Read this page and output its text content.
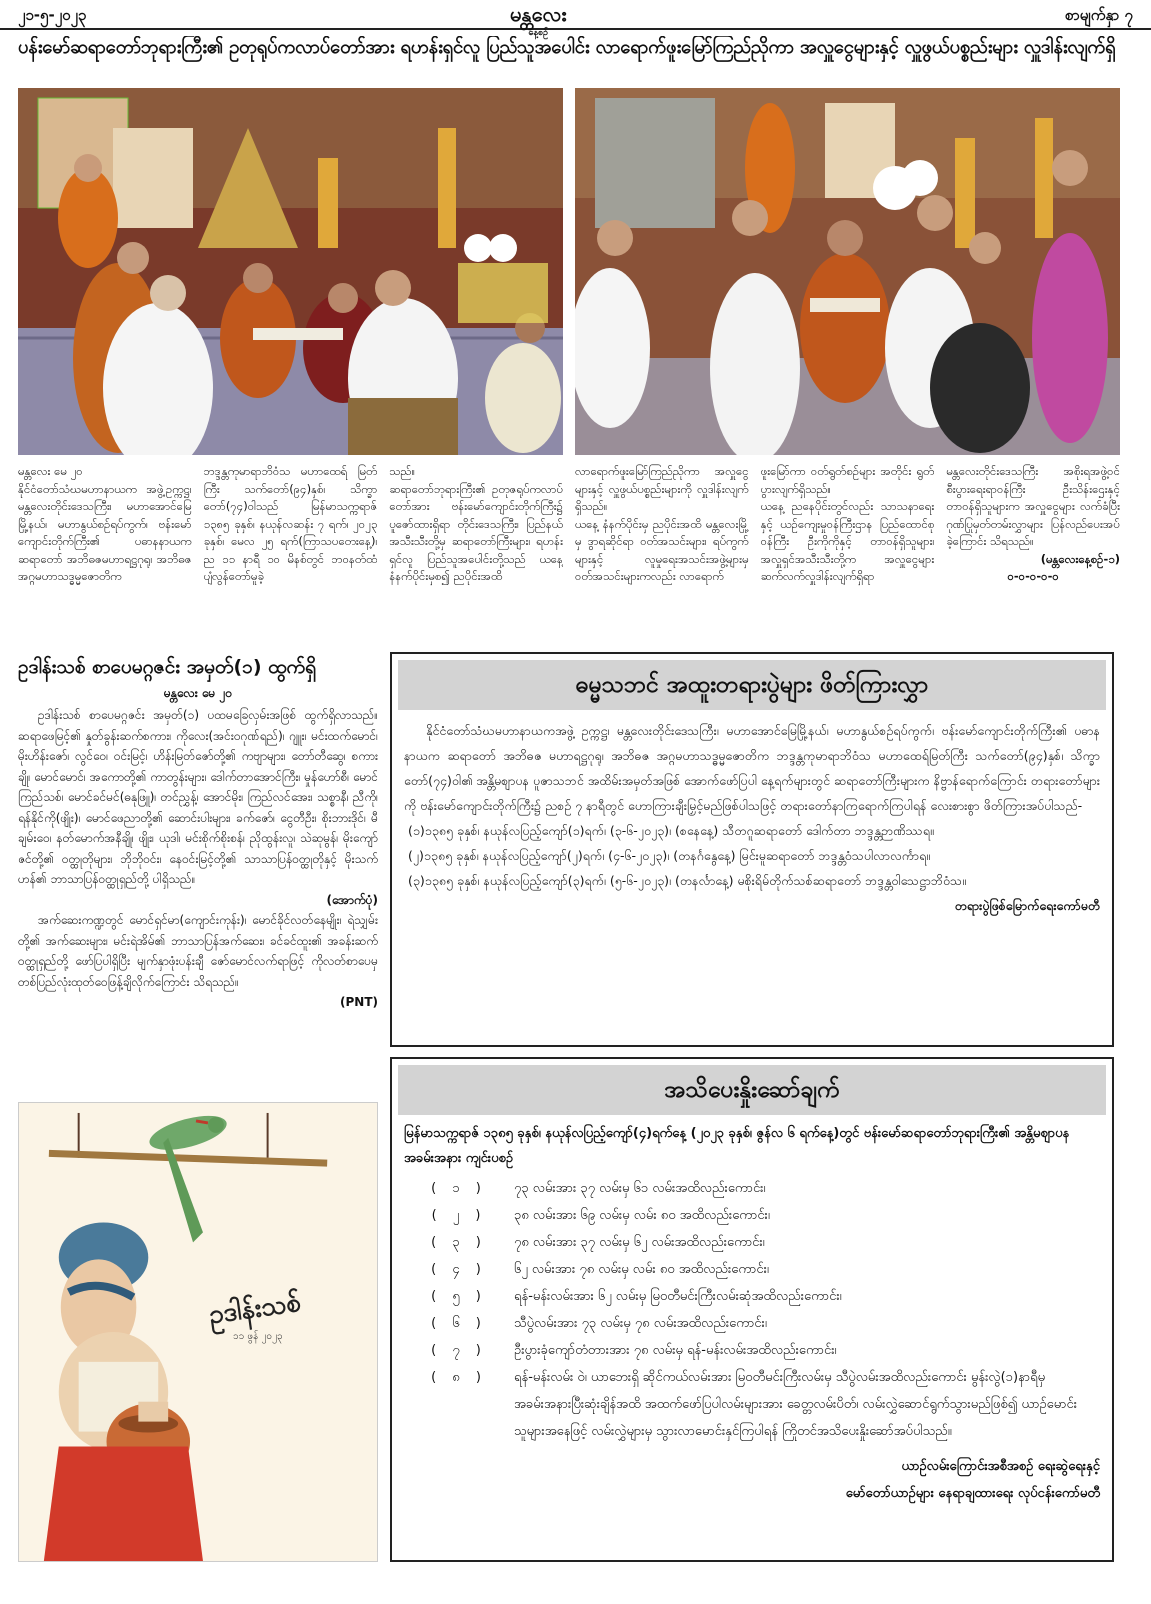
၂၁-၅-၂၀၂၃	မန္တလေး
နေ့စဉ်
စာမျက်နှာ ၇
ပန်းမော်ဆရာတော်ဘုရားကြီး၏ ဥတုရုပ်ကလာပ်တော်အား ရဟန်းရှင်လူ ပြည်သူအပေါင်း လာရောက်ဖူးမြော်ကြည်ညိုကာ အလှူငွေများနှင့် လှူဖွယ်ပစ္စည်းများ လှူဒါန်းလျက်ရှိ
မန္တလေး မေ ၂၀
နိုင်ငံတော်သံဃမဟာနာယက အဖွဲ့ဥက္ကဋ္ဌ၊ မန္တလေးတိုင်းဒေသကြီး၊ မဟာအောင်မြေမြို့နယ်၊ မဟာနွယ်စဉ်ရပ်ကွက်၊ ဗန်းမော်ကျောင်းတိုက်ကြီး၏ ပဓာနနာယက ဆရာတော် အဘိဓဇမဟာရဋ္ဌဂုရု၊ အဘိဓဇအဂ္ဂမဟာသဒ္ဓမ္မဇောတိက
ဘဒ္ဒန္တကုမာရာဘိဝံသ မဟာထေရ် မြတ်ကြီး သက်တော်(၉၄)နှစ်၊ သိက္ခာတော်(၇၄)ဝါသည် မြန်မာသက္ကရာဇ် ၁၃၈၅ ခုနှစ်၊ နယုန်လဆန်း ၇ ရက်၊ ၂၀၂၃ ခုနှစ်၊ မေလ ၂၅ ရက်(ကြာသပတေးနေ့)၊ ည ၁၁ နာရီ ၁၀ မိနစ်တွင် ဘဝနတ်ထံ ပျံလွန်တော်မူခဲ့
သည်။
ဆရာတော်ဘုရားကြီး၏ ဥတုဇရုပ်ကလာပ်တော်အား ဗန်းမော်ကျောင်းတိုက်ကြီး၌ ပူဇော်ထားရှိရာ တိုင်းဒေသကြီး၊ ပြည်နယ်အသီးသီးတို့မှ ဆရာတော်ကြီးများ၊ ရဟန်းရှင်လူ ပြည်သူအပေါင်းတို့သည် ယနေ့ နံနက်ပိုင်းမှစ၍ ညပိုင်းအထိ
လာရောက်ဖူးမြော်ကြည်ညိုကာ အလှူငွေများနှင့် လှူဖွယ်ပစ္စည်းများကို လှူဒါန်းလျက်ရှိသည်။
ယနေ့ နံနက်ပိုင်းမှ ညပိုင်းအထိ မန္တလေးမြို့မှ ဒွာရဆိုင်ရာ ဝတ်အသင်းများ၊ ရပ်ကွက်များနှင့် လူမှုရေးအသင်းအဖွဲ့များမှ ဝတ်အသင်းများကလည်း လာရောက်
ဖူးမြော်ကာ ဝတ်ရွတ်စဉ်များ အတိုင်း ရွတ်ပွားလျက်ရှိသည်။
ယနေ့ ညနေပိုင်းတွင်လည်း သာသနာရေးနှင့် ယဉ်ကျေးမှုဝန်ကြီးဌာန ပြည်ထောင်စုဝန်ကြီး ဦးကိုကိုနှင့် တာဝန်ရှိသူများ၊ အလှူရှင်အသီးသီးတို့က အလှူငွေများ ဆက်လက်လှူဒါန်းလျက်ရှိရာ
မန္တလေးတိုင်းဒေသကြီး အစိုးရအဖွဲ့ဝင် စီးပွားရေးရာဝန်ကြီး ဦးသိန်းဌေးနှင့် တာဝန်ရှိသူများက အလှူငွေများ လက်ခံပြီး ဂုဏ်ပြုမှတ်တမ်းလွှာများ ပြန်လည်ပေးအပ်ခဲ့ကြောင်း သိရသည်။
(မန္တလေးနေ့စဉ်-၁)
၀-၀-၀-၀-၀
ဥဒါန်းသစ် စာပေမဂ္ဂဇင်း အမှတ်(၁) ထွက်ရှိ
မန္တလေး မေ ၂၀

ဥဒါန်းသစ် စာပေမဂ္ဂဇင်း အမှတ်(၁) ပထမခြေလှမ်းအဖြစ် ထွက်ရှိလာသည်။ ဆရာဖေမြင့်၏ နှုတ်ခွန်းဆက်စကား၊ ကိုလေး(အင်းဝဂုဏ်ရည်)၊ ဂျူး၊ မင်းထက်မောင်၊ မိုးဟိန်းဇော်၊ လွင်ဝေ၊ ဝင်းမြင့်၊ ဟိန်းမြတ်ဇော်တို့၏ ကဗျာများ၊ တော်တီဆွေ၊ စကားချို၊ မောင်မောင်၊ အကောတို့၏ ကာတွန်းများ၊ ဒေါက်တာအောင်ကြီး၊ မှုန်ဟော်စီ၊ မောင်ကြည်သစ်၊ မောင်ခင်မင်(ဓနုဖြူ)၊ တင်ညွှန့်၊ အောင်မိုး၊ ကြည်လင်အေး၊ သစ္စာနီ၊ ညီကို၊ ရန်နိုင်ကို(ဖျိုး)၊ မောင်ဖေညာတို့၏ ဆောင်းပါးများ၊ ခက်ဇော်၊ ငွေတီဦး၊ စိုးဘားဒိုင်၊ မီချမ်းဝေ၊ နတ်မောက်အနီချို၊ ဖျိုး၊ ယုဒါ၊ မင်းစိုက်စိုးစန်၊ ညိုထွန်းလူ၊ သဲဆုမွန်၊ မိုးကျော်ဇင်တို့၏ ဝတ္ထုတိုများ၊ ဘိုဘိုဝင်း၊ နေဝင်းမြင့်တို့၏ သာသာပြန်ဝတ္ထုတိုနှင့် မိုးသက်ဟန်၏ ဘာသာပြန်ဝတ္ထုရှည်တို့ ပါရှိသည်။

(အောက်ပုံ)

အက်ဆေးကဏ္ဍတွင် မောင်ရှင်မာ(ကျောင်းကုန်း)၊ မောင်ခိုင်လတ်နေမျိုး၊ ရဲသျှမ်းတို့၏ အက်ဆေးများ၊ မင်းရဲအိမ်၏ ဘာသာပြန်အက်ဆေး၊ ခင်ခင်ထူး၏ အခန်းဆက်ဝတ္ထုရှည်တို့ ဖော်ပြပါရှိပြီး မျက်နှာဖုံးပန်းချီ ဇော်မောင်လက်ရာဖြင့် ကိုလတ်စာပေမှ တစ်ပြည်လုံးထုတ်ဝေဖြန့်ချိလိုက်ကြောင်း သိရသည်။

(PNT)
ဥဒါန်းသစ်
၁၁ ဖွန် ၂၀၂၃
ဓမ္မသဘင် အထူးတရားပွဲများ ဖိတ်ကြားလွှာ

နိုင်ငံတော်သံဃမဟာနာယကအဖွဲ့ ဥက္ကဋ္ဌ၊ မန္တလေးတိုင်းဒေသကြီး၊ မဟာအောင်မြေမြို့နယ်၊ မဟာနွယ်စဉ်ရပ်ကွက်၊ ဗန်းမော်ကျောင်းတိုက်ကြီး၏ ပဓာနနာယက ဆရာတော် အဘိဓဇ မဟာရဋ္ဌဂုရု၊ အဘိဓဇ အဂ္ဂမဟာသဒ္ဓမ္မဇောတိက ဘဒ္ဒန္တကုမာရာဘိဝံသ မဟာထေရ်မြတ်ကြီး သက်တော်(၉၄)နှစ်၊ သိက္ခာတော်(၇၄)ဝါ၏ အန္တိမစျာပန ပူဇာသဘင် အထိမ်းအမှတ်အဖြစ် အောက်ဖော်ပြပါ နေ့ရက်များတွင် ဆရာတော်ကြီးများက နိဗ္ဗာန်ရောက်ကြောင်း တရားတော်များကို ဗန်းမော်ကျောင်းတိုက်ကြီး၌ ညစဉ် ၇ နာရီတွင် ဟောကြားချီးမြှင့်မည်ဖြစ်ပါသဖြင့် တရားတော်နာကြရောက်ကြပါရန် လေးစားစွာ ဖိတ်ကြားအပ်ပါသည်-

(၁)၁၃၈၅ ခုနှစ်၊ နယုန်လပြည့်ကျော်(၁)ရက်၊ (၃-၆-၂၀၂၃)၊ (စနေနေ့) သီတဂူဆရာတော် ဒေါက်တာ ဘဒ္ဒန္တဉာဏိဿရ။

(၂)၁၃၈၅ ခုနှစ်၊ နယုန်လပြည့်ကျော်(၂)ရက်၊ (၄-၆-၂၀၂၃)၊ (တနင်္ဂနွေနေ့) မြင်းမူဆရာတော် ဘဒ္ဒန္တဝံသပါလာလင်္ကာရ။

(၃)၁၃၈၅ ခုနှစ်၊ နယုန်လပြည့်ကျော်(၃)ရက်၊ (၅-၆-၂၀၂၃)၊ (တနင်္လာနေ့) မစိုးရိမ်တိုက်သစ်ဆရာတော် ဘဒ္ဒန္တဝါသေဋ္ဌာဘိဝံသ။

တရားပွဲဖြစ်မြောက်ရေးကော်မတီ

အသိပေးနှိုးဆော်ချက်

မြန်မာသက္ကရာဇ် ၁၃၈၅ ခုနှစ်၊ နယုန်လပြည့်ကျော်(၄)ရက်နေ့ (၂၀၂၃ ခုနှစ်၊ ဇွန်လ ၆ ရက်နေ့)တွင် ဗန်းမော်ဆရာတော်ဘုရားကြီး၏ အန္တိမစျာပနအခမ်းအနား ကျင်းပစဉ်

( ၁ )	၇၃ လမ်းအား ၃၇ လမ်းမှ ၆၁ လမ်းအထိလည်းကောင်း၊
( ၂ )	၃၈ လမ်းအား ၆၉ လမ်းမှ လမ်း ၈၀ အထိလည်းကောင်း၊
( ၃ )	၇၈ လမ်းအား ၃၇ လမ်းမှ ၆၂ လမ်းအထိလည်းကောင်း၊
( ၄ )	၆၂ လမ်းအား ၇၈ လမ်းမှ လမ်း ၈၀ အထိလည်းကောင်း၊
( ၅ )	ရန်-မန်းလမ်းအား ၆၂ လမ်းမှ မြဝတီမင်းကြီးလမ်းဆုံအထိလည်းကောင်း၊
( ၆ )	သီပွဲလမ်းအား ၇၃ လမ်းမှ ၇၈ လမ်းအထိလည်းကောင်း၊
( ၇ )	ဦးပွားခုံကျော်တံတားအား ၇၈ လမ်းမှ ရန်-မန်းလမ်းအထိလည်းကောင်း၊
( ၈ )	ရန်-မန်းလမ်း ဝဲ၊ ယာဘေးရှိ ဆိုင်ကယ်လမ်းအား မြဝတီမင်းကြီးလမ်းမှ သီပွဲလမ်းအထိလည်းကောင်း မွန်းလွဲ(၁)နာရီမှ အခမ်းအနားပြီးဆုံးချိန်အထိ အထက်ဖော်ပြပါလမ်းများအား ခေတ္တလမ်းပိတ်၊ လမ်းလွှဲဆောင်ရွက်သွားမည်ဖြစ်၍ ယာဉ်မောင်းသူများအနေဖြင့် လမ်းလွှဲများမှ သွားလာမောင်းနှင်ကြပါရန် ကြိုတင်အသိပေးနှိုးဆော်အပ်ပါသည်။
ယာဉ်လမ်းကြောင်းအစီအစဉ် ရေးဆွဲရေးနှင့်
မော်တော်ယာဉ်များ နေရာချထားရေး လုပ်ငန်းကော်မတီ
